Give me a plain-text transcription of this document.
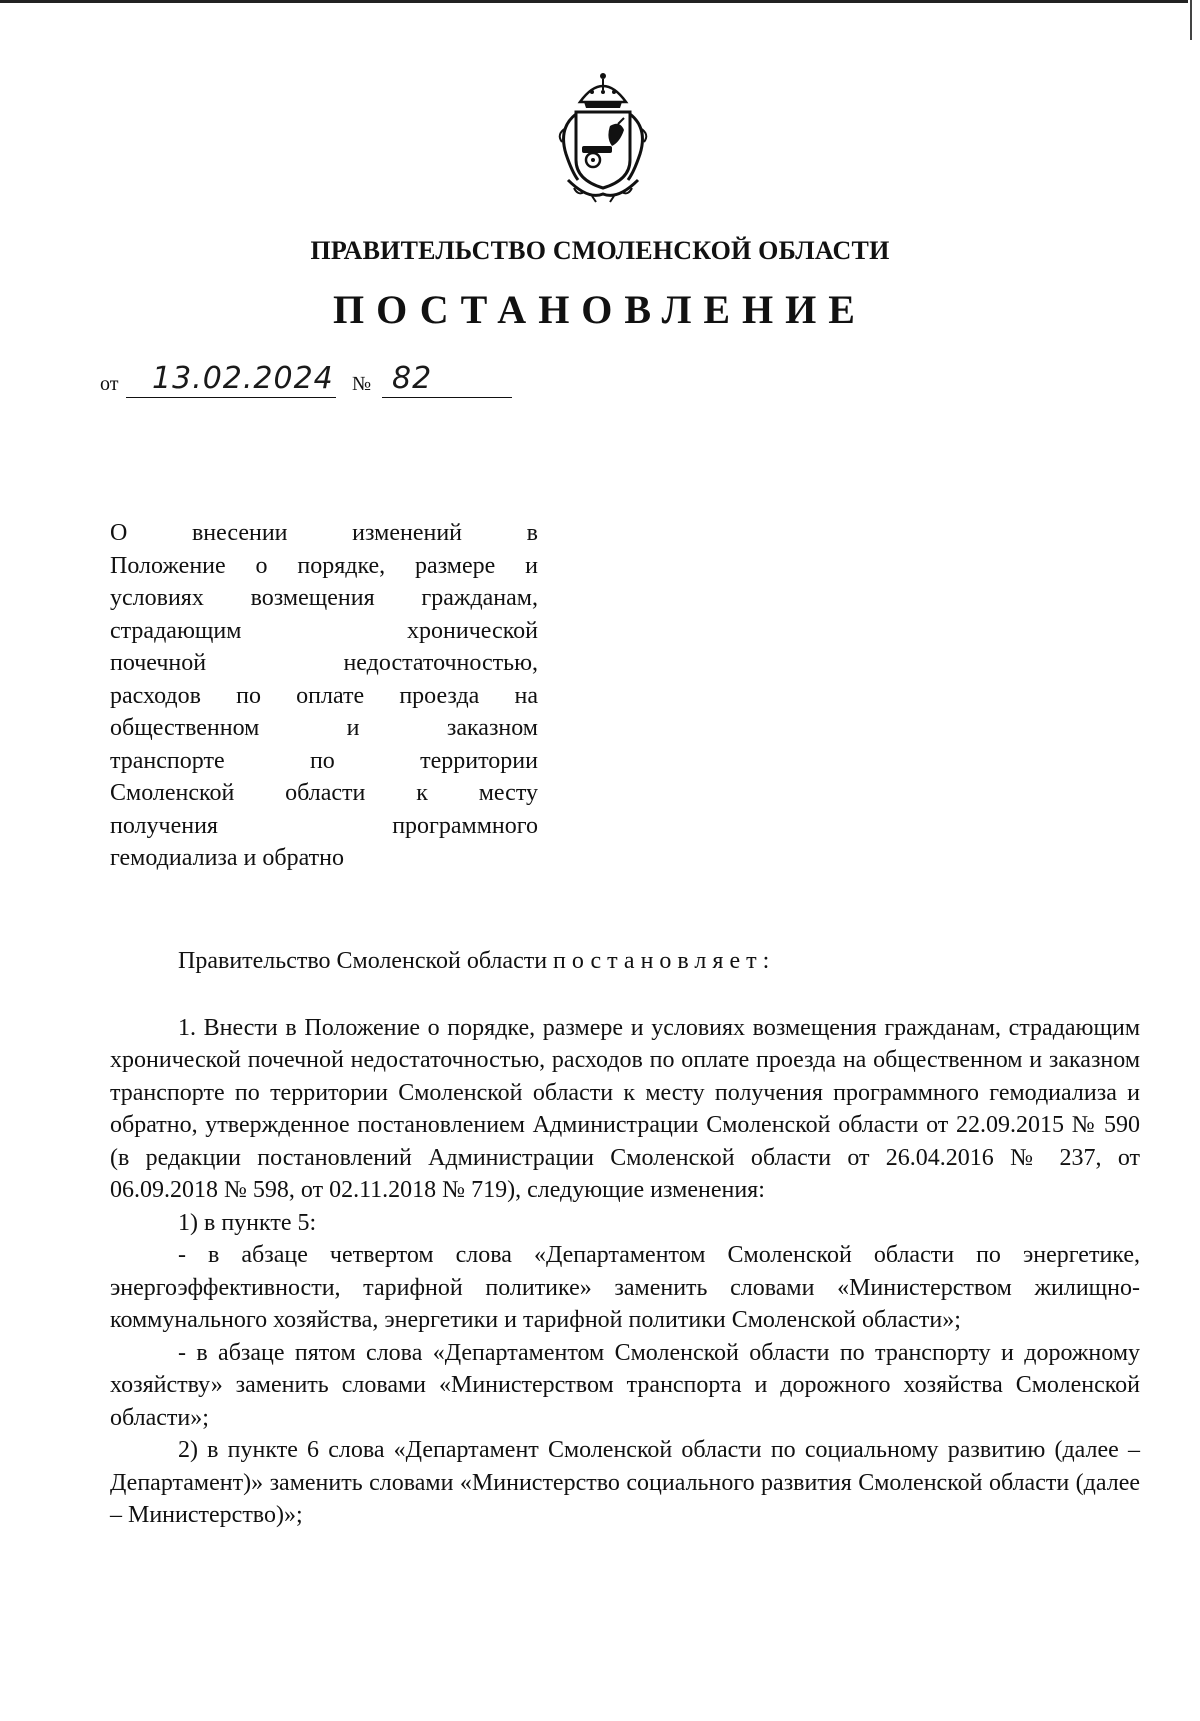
ПРАВИТЕЛЬСТВО СМОЛЕНСКОЙ ОБЛАСТИ
ПОСТАНОВЛЕНИЕ
от 13.02.2024 № 82
О внесении изменений в
Положение о порядке, размере и
условиях возмещения гражданам,
страдающим хронической
почечной недостаточностью,
расходов по оплате проезда на
общественном и заказном
транспорте по территории
Смоленской области к месту
получения программного
гемодиализа и обратно

Правительство Смоленской области постановляет:

1. Внести в Положение о порядке, размере и условиях возмещения гражданам, страдающим хронической почечной недостаточностью, расходов по оплате проезда на общественном и заказном транспорте по территории Смоленской области к месту получения программного гемодиализа и обратно, утвержденное постановлением Администрации Смоленской области от 22.09.2015 № 590 (в редакции постановлений Администрации Смоленской области от 26.04.2016 № 237, от 06.09.2018 № 598, от 02.11.2018 № 719), следующие изменения:

1) в пункте 5:

- в абзаце четвертом слова «Департаментом Смоленской области по энергетике, энергоэффективности, тарифной политике» заменить словами «Министерством жилищно-коммунального хозяйства, энергетики и тарифной политики Смоленской области»;

- в абзаце пятом слова «Департаментом Смоленской области по транспорту и дорожному хозяйству» заменить словами «Министерством транспорта и дорожного хозяйства Смоленской области»;

2) в пункте 6 слова «Департамент Смоленской области по социальному развитию (далее – Департамент)» заменить словами «Министерство социального развития Смоленской области (далее – Министерство)»;
